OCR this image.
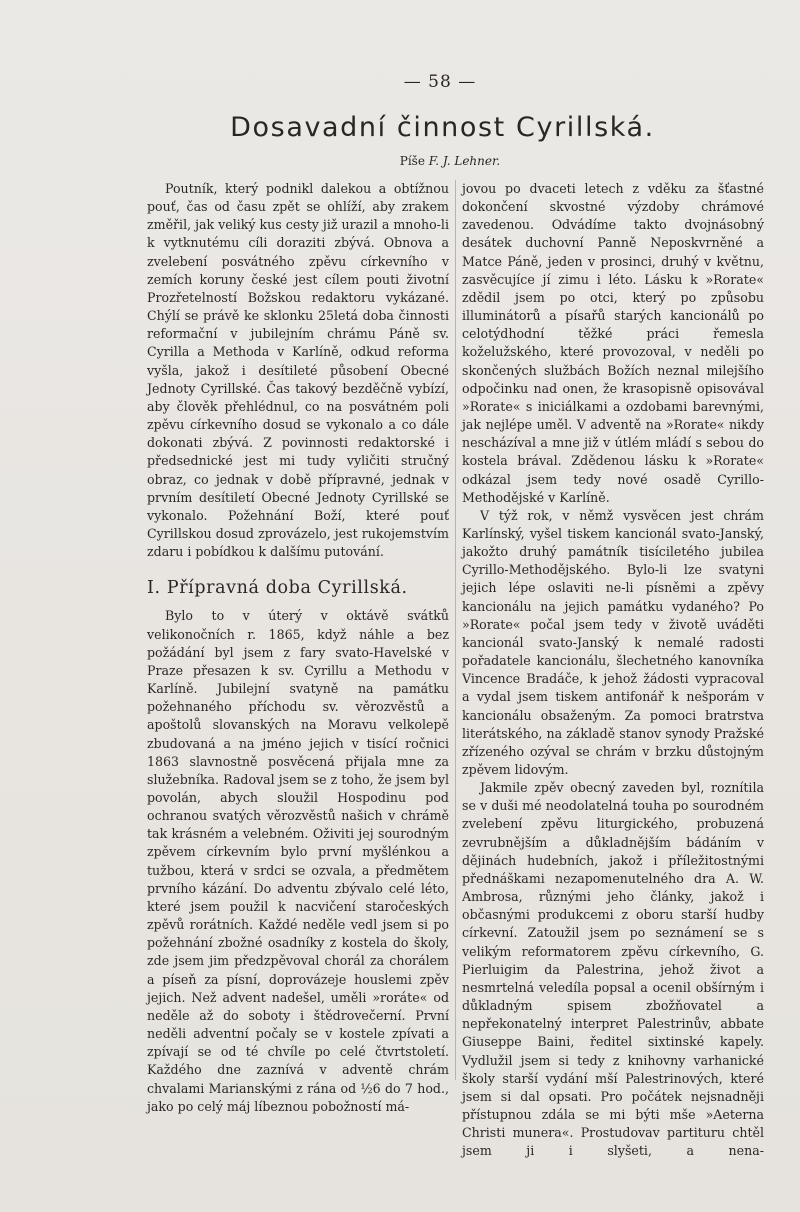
— 58 —
Dosavadní činnost Cyrillská.
Píše F. J. Lehner.

Poutník, který podnikl dalekou a obtížnou pouť, čas od času zpět se ohlíží, aby zrakem změřil, jak veliký kus cesty již urazil a mnoho-li k vytknutému cíli doraziti zbývá. Obnova a zvelebení posvátného zpěvu církevního v zemích koruny české jest cílem pouti životní Prozřetelností Božskou redaktoru vykázané. Chýlí se právě ke sklonku 25letá doba činnosti reformační v jubilejním chrámu Páně sv. Cyrilla a Methoda v Karlíně, odkud reforma vyšla, jakož i desítileté působení Obecné Jednoty Cyrillské. Čas takový bezděčně vybízí, aby člověk přehlédnul, co na posvátném poli zpěvu církevního dosud se vykonalo a co dále dokonati zbývá. Z povinnosti redaktorské i předsednické jest mi tudy vyličiti stručný obraz, co jednak v době přípravné, jednak v prvním desítiletí Obecné Jednoty Cyrillské se vykonalo. Požehnání Boží, které pouť Cyrillskou dosud zprovázelo, jest rukojemstvím zdaru i pobídkou k dalšímu putování.

I. Přípravná doba Cyrillská.

Bylo to v úterý v oktávě svátků velikonočních r. 1865, když náhle a bez požádání byl jsem z fary svato-Havelské v Praze přesazen k sv. Cyrillu a Methodu v Karlíně. Jubilejní svatyně na památku požehnaného příchodu sv. věrozvěstů a apoštolů slovanských na Moravu velkolepě zbudovaná a na jméno jejich v tisící ročnici 1863 slavnostně posvěcená přijala mne za služebníka. Radoval jsem se z toho, že jsem byl povolán, abych sloužil Hospodinu pod ochranou svatých věrozvěstů našich v chrámě tak krásném a velebném. Oživiti jej sourodným zpěvem církevním bylo první myšlénkou a tužbou, která v srdci se ozvala, a předmětem prvního kázání. Do adventu zbývalo celé léto, které jsem použil k nacvičení staročeských zpěvů rorátních. Každé neděle vedl jsem si po požehnání zbožné osadníky z kostela do školy, zde jsem jim předzpěvoval chorál za chorálem a píseň za písní, doprovázeje houslemi zpěv jejich. Než advent nadešel, uměli »roráte« od neděle až do soboty i štědrovečerní. První neděli adventní počaly se v kostele zpívati a zpívají se od té chvíle po celé čtvrtstoletí. Každého dne zaznívá v adventě chrám chvalami Marianskými z rána od ½6 do 7 hod., jako po celý máj líbeznou pobožností má-

jovou po dvaceti letech z vděku za šťastné dokončení skvostné výzdoby chrámové zavedenou. Odvádíme takto dvojnásobný desátek duchovní Panně Neposkvrněné a Matce Páně, jeden v prosinci, druhý v květnu, zasvěcujíce jí zimu i léto. Lásku k »Rorate« zdědil jsem po otci, který po způsobu illuminátorů a písařů starých kancionálů po celotýdhodní těžké práci řemesla koželužského, které provozoval, v neděli po skončených službách Božích neznal milejšího odpočinku nad onen, že krasopisně opisovával »Rorate« s iniciálkami a ozdobami barevnými, jak nejlépe uměl. V adventě na »Rorate« nikdy nescházíval a mne již v útlém mládí s sebou do kostela brával. Zdědenou lásku k »Rorate« odkázal jsem tedy nové osadě Cyrillo-Methodějské v Karlíně.

V týž rok, v němž vysvěcen jest chrám Karlínský, vyšel tiskem kancionál svato-Janský, jakožto druhý památník tisíciletého jubilea Cyrillo-Methodějského. Bylo-li lze svatyni jejich lépe oslaviti ne-li písněmi a zpěvy kancionálu na jejich památku vydaného? Po »Rorate« počal jsem tedy v životě uváděti kancionál svato-Janský k nemalé radosti pořadatele kancionálu, šlechetného kanovníka Vincence Bradáče, k jehož žádosti vypracoval a vydal jsem tiskem antifonář k nešporám v kancionálu obsaženým. Za pomoci bratrstva literátského, na základě stanov synody Pražské zřízeného ozýval se chrám v brzku důstojným zpěvem lidovým.

Jakmile zpěv obecný zaveden byl, roznítila se v duši mé neodolatelná touha po sourodném zvelebení zpěvu liturgického, probuzená zevrubnějším a důkladnějším bádáním v dějinách hudebních, jakož i příležitostnými přednáškami nezapomenutelného dra A. W. Ambrosa, různými jeho články, jakož i občasnými produkcemi z oboru starší hudby církevní. Zatoužil jsem po seznámení se s velikým reformatorem zpěvu církevního, G. Pierluigim da Palestrina, jehož život a nesmrtelná veledíla popsal a ocenil obšírným i důkladným spisem zbožňovatel a nepřekonatelný interpret Palestrinův, abbate Giuseppe Baini, ředitel sixtinské kapely. Vydlužil jsem si tedy z knihovny varhanické školy starší vydání mší Palestrinových, které jsem si dal opsati. Pro počátek nejsnadněji přístupnou zdála se mi býti mše »Aeterna Christi munera«. Prostudovav partituru chtěl jsem ji i slyšeti, a nena-
